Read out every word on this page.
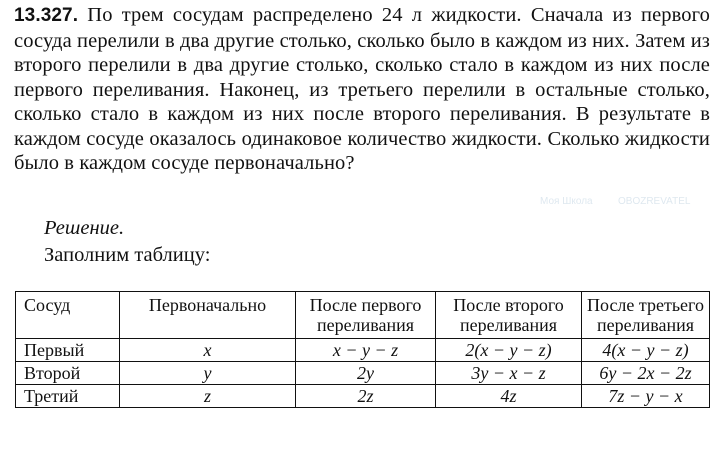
13.327. По трем сосудам распределено 24 л жидкости. Сначала из первого сосуда перелили в два другие столько, сколько было в каждом из них. Затем из второго перелили в два другие столько, сколько стало в каждом из них после первого переливания. Наконец, из третьего перелили в остальные столько, сколько стало в каждом из них после второго переливания. В результате в каждом сосуде оказалось одинаковое количество жидкости. Сколько жидкости было в каждом сосуде первоначально?
Решение.
Заполним таблицу:
Сосуд	Первоначально	После первого переливания	После второго переливания	После третьего переливания
Первый	x	x − y − z	2(x − y − z)	4(x − y − z)
Второй	y	2y	3y − x − z	6y − 2x − 2z
Третий	z	2z	4z	7z − y − x
Моя Школа	OBOZREVATEL
